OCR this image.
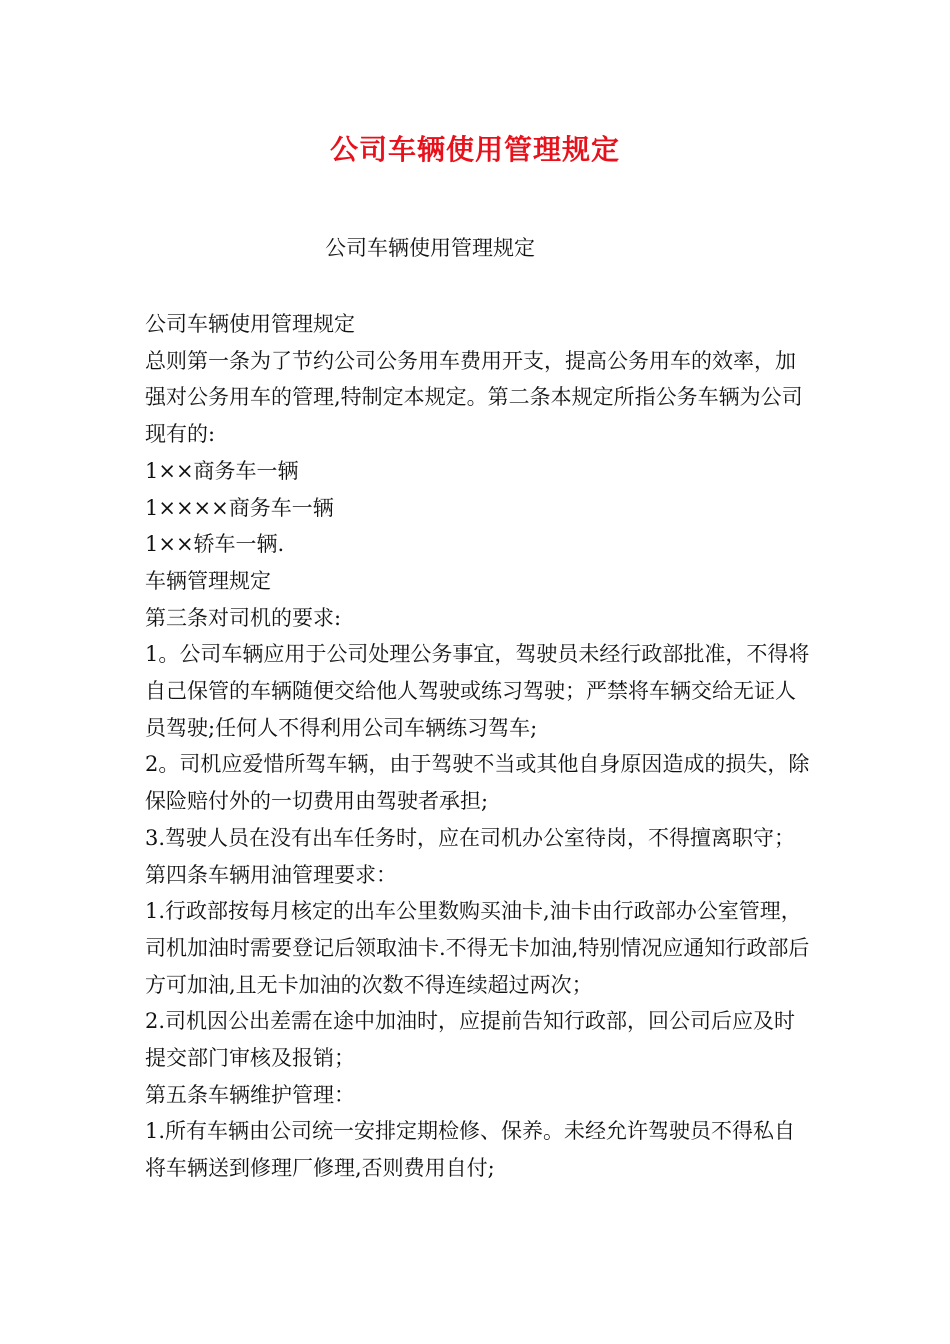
公司车辆使用管理规定
公司车辆使用管理规定

公司车辆使用管理规定

总则第一条为了节约公司公务用车费用开支，提高公务用车的效率，加强对公务用车的管理,特制定本规定。第二条本规定所指公务车辆为公司现有的:

1××商务车一辆

1××××商务车一辆

1××轿车一辆.

车辆管理规定

第三条对司机的要求:

1。公司车辆应用于公司处理公务事宜，驾驶员未经行政部批准，不得将自己保管的车辆随便交给他人驾驶或练习驾驶；严禁将车辆交给无证人员驾驶;任何人不得利用公司车辆练习驾车;

2。司机应爱惜所驾车辆，由于驾驶不当或其他自身原因造成的损失，除保险赔付外的一切费用由驾驶者承担;

3.驾驶人员在没有出车任务时，应在司机办公室待岗，不得擅离职守；

第四条车辆用油管理要求：

1.行政部按每月核定的出车公里数购买油卡,油卡由行政部办公室管理，司机加油时需要登记后领取油卡.不得无卡加油,特别情况应通知行政部后方可加油,且无卡加油的次数不得连续超过两次；

2.司机因公出差需在途中加油时，应提前告知行政部，回公司后应及时提交部门审核及报销；

第五条车辆维护管理：

1.所有车辆由公司统一安排定期检修、保养。未经允许驾驶员不得私自将车辆送到修理厂修理,否则费用自付;
